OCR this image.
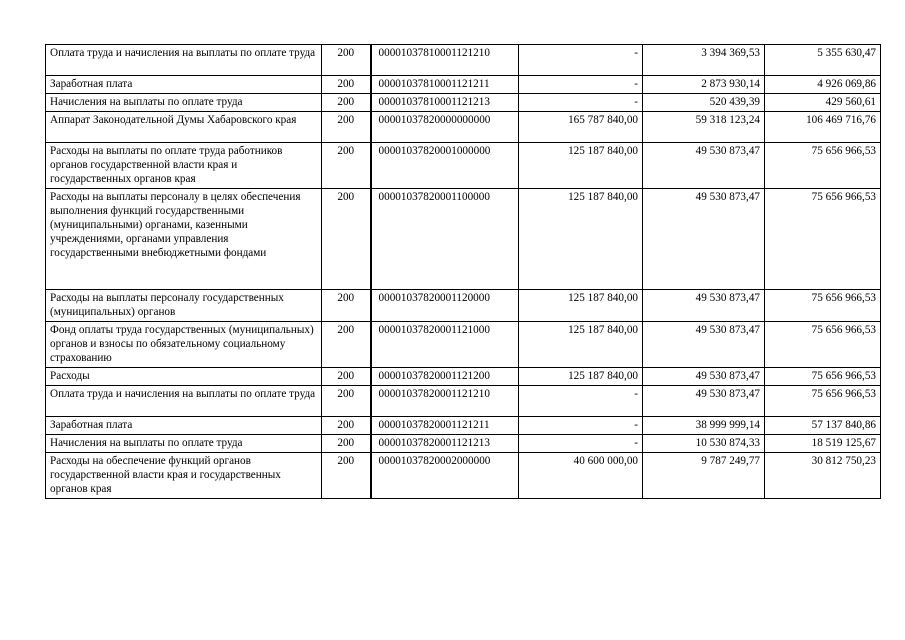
Оплата труда и начисления на выплаты по оплате труда	200	00001037810001121210	-	3 394 369,53	5 355 630,47
Заработная плата	200	00001037810001121211	-	2 873 930,14	4 926 069,86
Начисления на выплаты по оплате труда	200	00001037810001121213	-	520 439,39	429 560,61
Аппарат Законодательной Думы Хабаровского края	200	00001037820000000000	165 787 840,00	59 318 123,24	106 469 716,76
Расходы на выплаты по оплате труда работников органов государственной власти края и государственных органов края	200	00001037820001000000	125 187 840,00	49 530 873,47	75 656 966,53
Расходы на выплаты персоналу в целях обеспечения выполнения функций государственными (муниципальными) органами, казенными учреждениями, органами управления государственными внебюджетными фондами	200	00001037820001100000	125 187 840,00	49 530 873,47	75 656 966,53
Расходы на выплаты персоналу государственных (муниципальных) органов	200	00001037820001120000	125 187 840,00	49 530 873,47	75 656 966,53
Фонд оплаты труда государственных (муниципальных) органов и взносы по обязательному социальному страхованию	200	00001037820001121000	125 187 840,00	49 530 873,47	75 656 966,53
Расходы	200	00001037820001121200	125 187 840,00	49 530 873,47	75 656 966,53
Оплата труда и начисления на выплаты по оплате труда	200	00001037820001121210	-	49 530 873,47	75 656 966,53
Заработная плата	200	00001037820001121211	-	38 999 999,14	57 137 840,86
Начисления на выплаты по оплате труда	200	00001037820001121213	-	10 530 874,33	18 519 125,67
Расходы на обеспечение функций органов государственной власти края и государственных органов края	200	00001037820002000000	40 600 000,00	9 787 249,77	30 812 750,23
